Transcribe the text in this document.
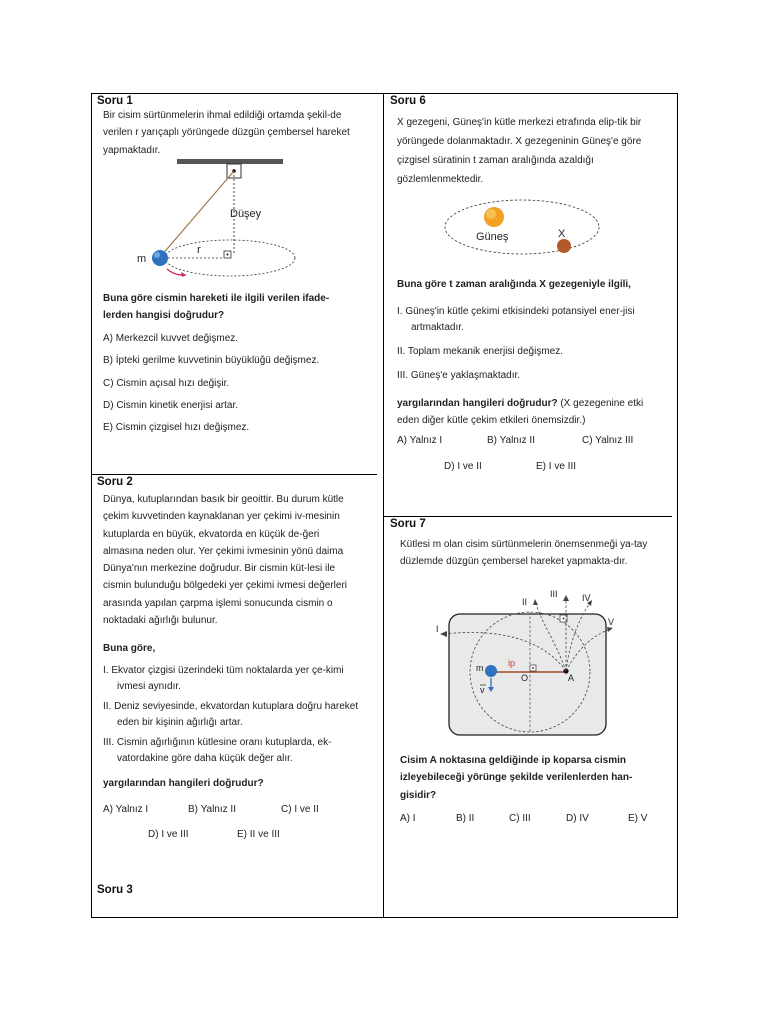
Soru 1

Bir cisim sürtünmelerin ihmal edildiği ortamda şekil-de verilen r yarıçaplı yörüngede düzgün çembersel hareket yapmaktadır.

Düşey
r
m

Buna göre cismin hareketi ile ilgili verilen ifade-lerden hangisi doğrudur?

A) Merkezcil kuvvet değişmez.
B) İpteki gerilme kuvvetinin büyüklüğü değişmez.
C) Cismin açısal hızı değişir.
D) Cismin kinetik enerjisi artar.
E) Cismin çizgisel hızı değişmez.
Soru 2

Dünya, kutuplarından basık bir geoittir. Bu durum kütle çekim kuvvetinden kaynaklanan yer çekimi iv-mesinin kutuplarda en büyük, ekvatorda en küçük de-ğeri almasına neden olur. Yer çekimi ivmesinin yönü daima Dünya'nın merkezine doğrudur. Bir cismin küt-lesi ile cismin bulunduğu bölgedeki yer çekimi ivmesi değerleri arasında yapılan çarpma işlemi sonucunda cismin o noktadaki ağırlığı bulunur.

Buna göre,
I. Ekvator çizgisi üzerindeki tüm noktalarda yer çe-kimi ivmesi aynıdır.
II. Deniz seviyesinde, ekvatordan kutuplara doğru hareket eden bir kişinin ağırlığı artar.
III. Cismin ağırlığının kütlesine oranı kutuplarda, ek-vatordakine göre daha küçük değer alır.
yargılarından hangileri doğrudur?
A) Yalnız I	B) Yalnız II	C) I ve II
D) I ve III	E) II ve III
Soru 3
Soru 6

X gezegeni, Güneş'in kütle merkezi etrafında elip-tik bir yörüngede dolanmaktadır. X gezegeninin Güneş'e göre çizgisel süratinin t zaman aralığında azaldığı gözlemlenmektedir.

Güneş	X

Buna göre t zaman aralığında X gezegeniyle ilgili,

I. Güneş'in kütle çekimi etkisindeki potansiyel ener-jisi artmaktadır.
II. Toplam mekanik enerjisi değişmez.
III. Güneş'e yaklaşmaktadır.

yargılarından hangileri doğrudur? (X gezegenine etki eden diğer kütle çekim etkileri önemsizdir.)

A) Yalnız I	B) Yalnız II	C) Yalnız III
D) I ve II	E) I ve III
Soru 7

Kütlesi m olan cisim sürtünmelerin önemsenmeği ya-tay düzlemde düzgün çembersel hareket yapmakta-dır.

I
II
III	IV
V
m	ip
O	A
v

Cisim A noktasına geldiğinde ip koparsa cismin izleyebileceği yörünge şekilde verilenlerden han-gisidir?

A) I	B) II	C) III	D) IV	E) V
